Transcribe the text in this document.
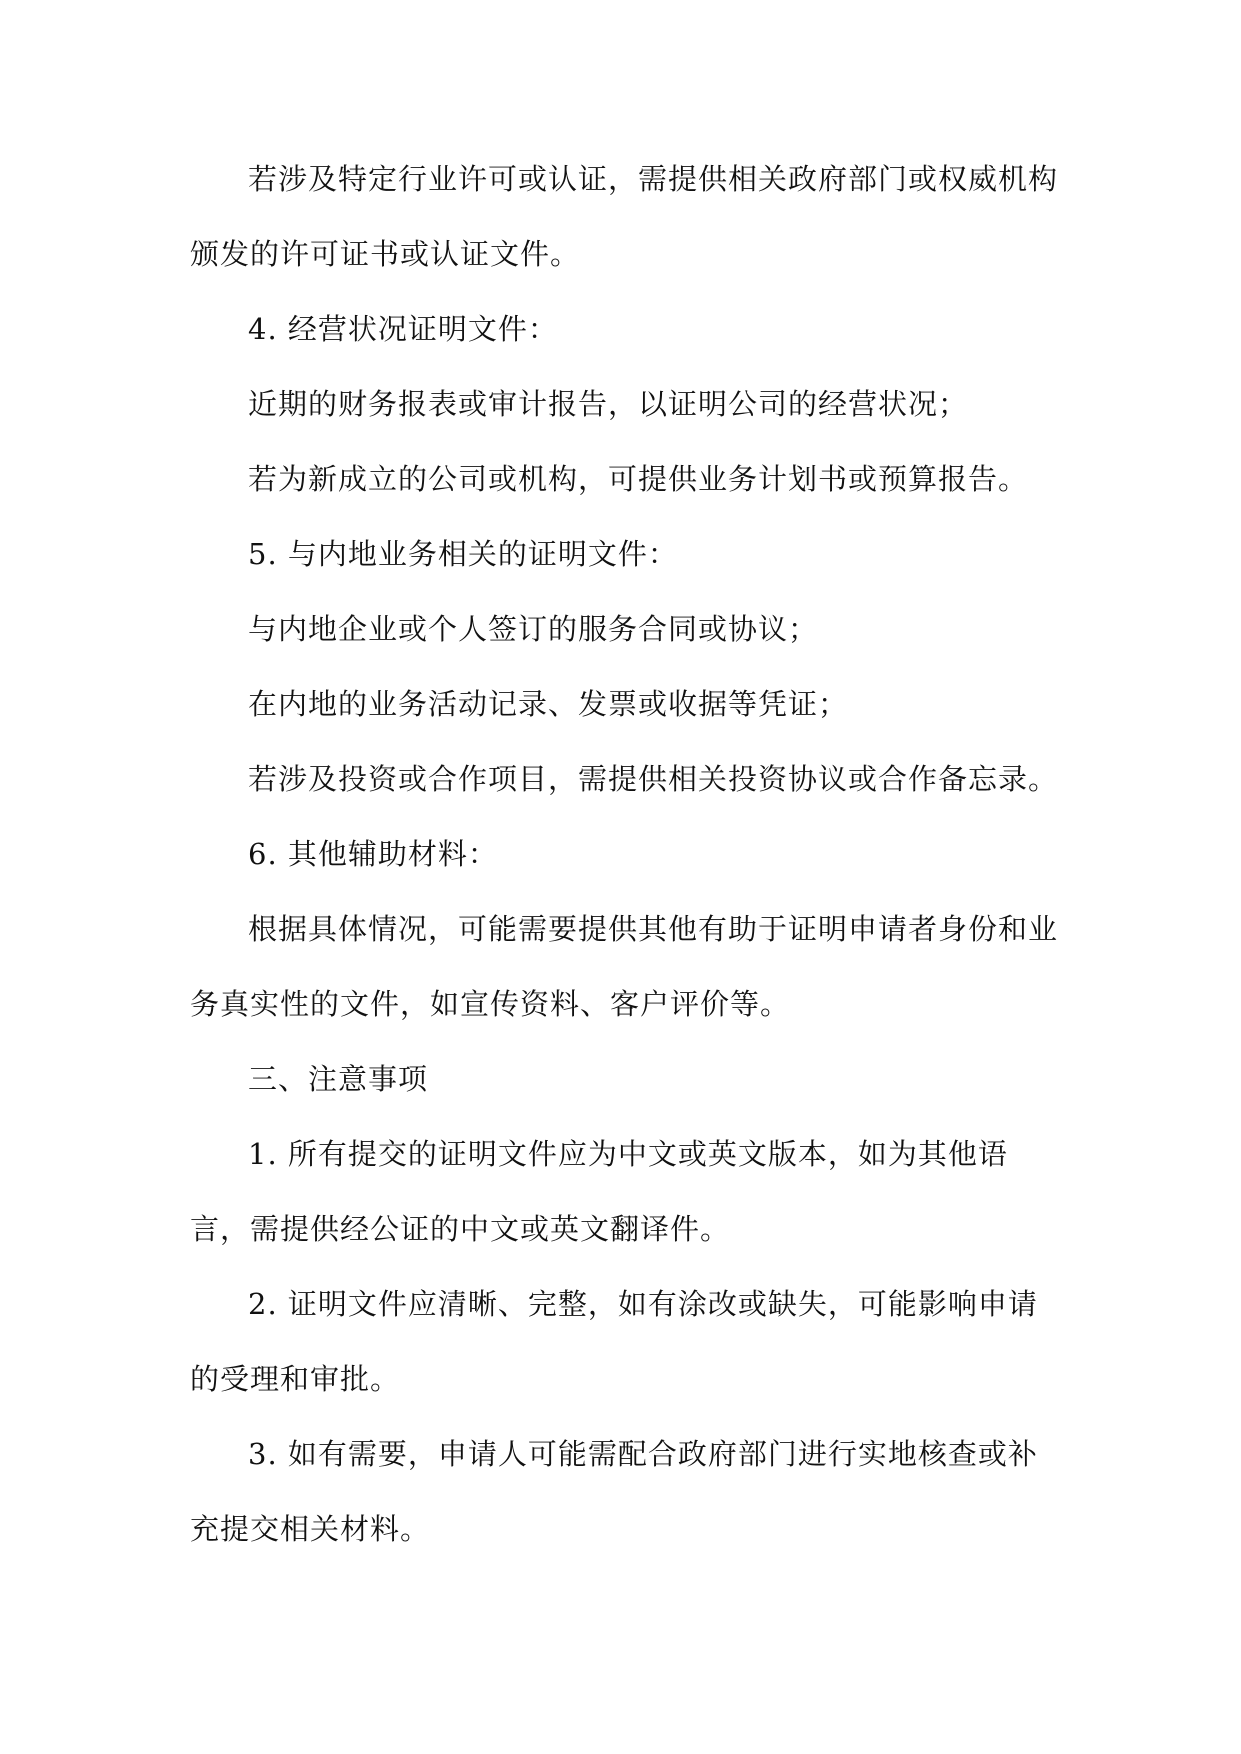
若涉及特定行业许可或认证，需提供相关政府部门或权威机构颁发的许可证书或认证文件。

4. 经营状况证明文件：

近期的财务报表或审计报告，以证明公司的经营状况；

若为新成立的公司或机构，可提供业务计划书或预算报告。

5. 与内地业务相关的证明文件：

与内地企业或个人签订的服务合同或协议；

在内地的业务活动记录、发票或收据等凭证；

若涉及投资或合作项目，需提供相关投资协议或合作备忘录。

6. 其他辅助材料：

根据具体情况，可能需要提供其他有助于证明申请者身份和业务真实性的文件，如宣传资料、客户评价等。

三、注意事项

1. 所有提交的证明文件应为中文或英文版本，如为其他语言，需提供经公证的中文或英文翻译件。

2. 证明文件应清晰、完整，如有涂改或缺失，可能影响申请的受理和审批。

3. 如有需要，申请人可能需配合政府部门进行实地核查或补充提交相关材料。
